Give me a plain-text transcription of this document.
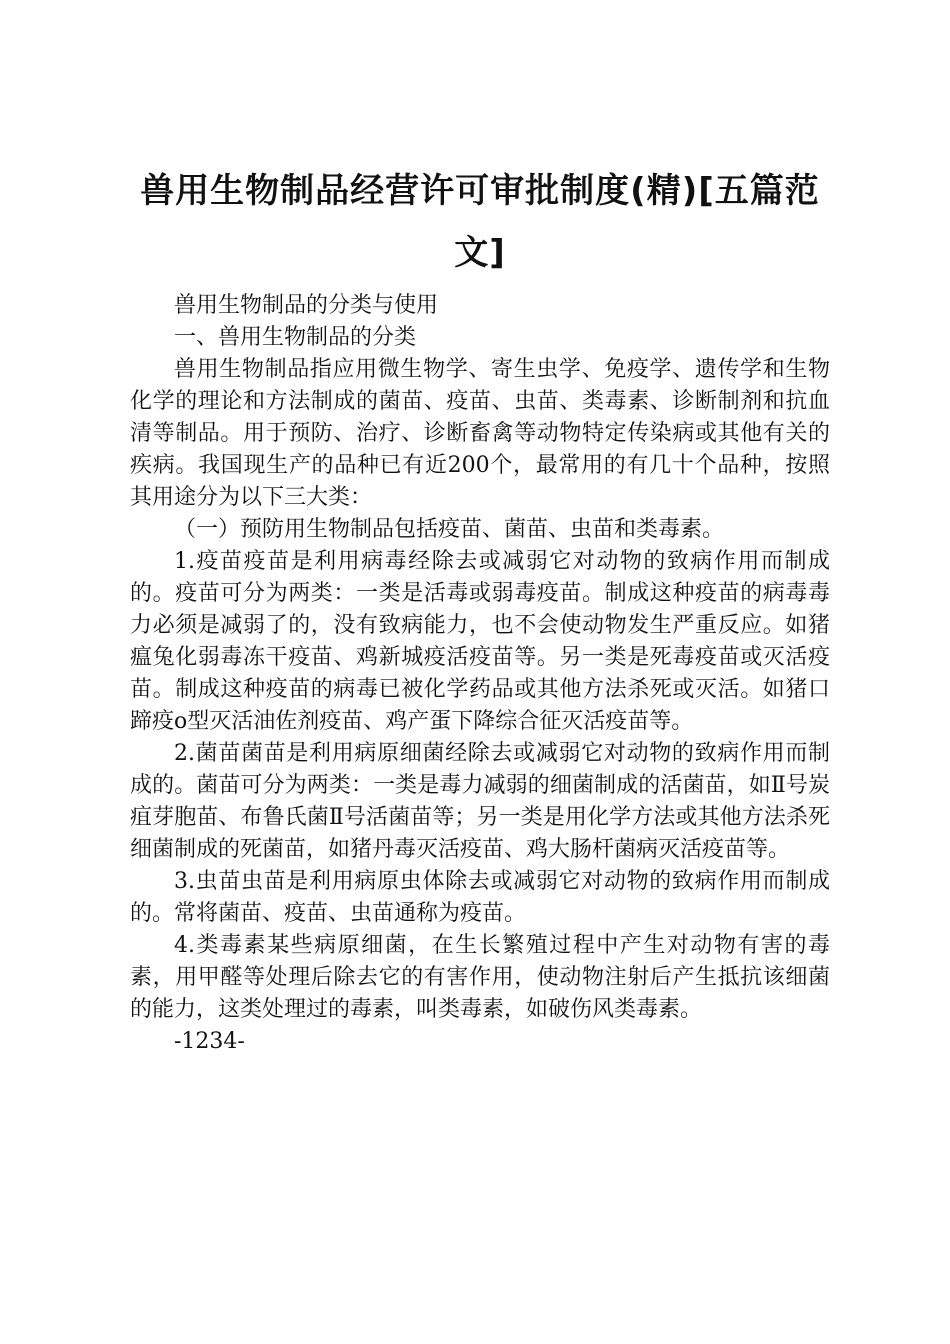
兽用生物制品经营许可审批制度(精)[五篇范文]

兽用生物制品的分类与使用

一、兽用生物制品的分类

兽用生物制品指应用微生物学、寄生虫学、免疫学、遗传学和生物化学的理论和方法制成的菌苗、疫苗、虫苗、类毒素、诊断制剂和抗血清等制品。用于预防、治疗、诊断畜禽等动物特定传染病或其他有关的疾病。我国现生产的品种已有近200个，最常用的有几十个品种，按照其用途分为以下三大类：

（一）预防用生物制品包括疫苗、菌苗、虫苗和类毒素。

1.疫苗疫苗是利用病毒经除去或减弱它对动物的致病作用而制成的。疫苗可分为两类：一类是活毒或弱毒疫苗。制成这种疫苗的病毒毒力必须是减弱了的，没有致病能力，也不会使动物发生严重反应。如猪瘟兔化弱毒冻干疫苗、鸡新城疫活疫苗等。另一类是死毒疫苗或灭活疫苗。制成这种疫苗的病毒已被化学药品或其他方法杀死或灭活。如猪口蹄疫o型灭活油佐剂疫苗、鸡产蛋下降综合征灭活疫苗等。

2.菌苗菌苗是利用病原细菌经除去或减弱它对动物的致病作用而制成的。菌苗可分为两类：一类是毒力减弱的细菌制成的活菌苗，如Ⅱ号炭疽芽胞苗、布鲁氏菌Ⅱ号活菌苗等；另一类是用化学方法或其他方法杀死细菌制成的死菌苗，如猪丹毒灭活疫苗、鸡大肠杆菌病灭活疫苗等。

3.虫苗虫苗是利用病原虫体除去或减弱它对动物的致病作用而制成的。常将菌苗、疫苗、虫苗通称为疫苗。

4.类毒素某些病原细菌，在生长繁殖过程中产生对动物有害的毒素，用甲醛等处理后除去它的有害作用，使动物注射后产生抵抗该细菌的能力，这类处理过的毒素，叫类毒素，如破伤风类毒素。

-1234-
